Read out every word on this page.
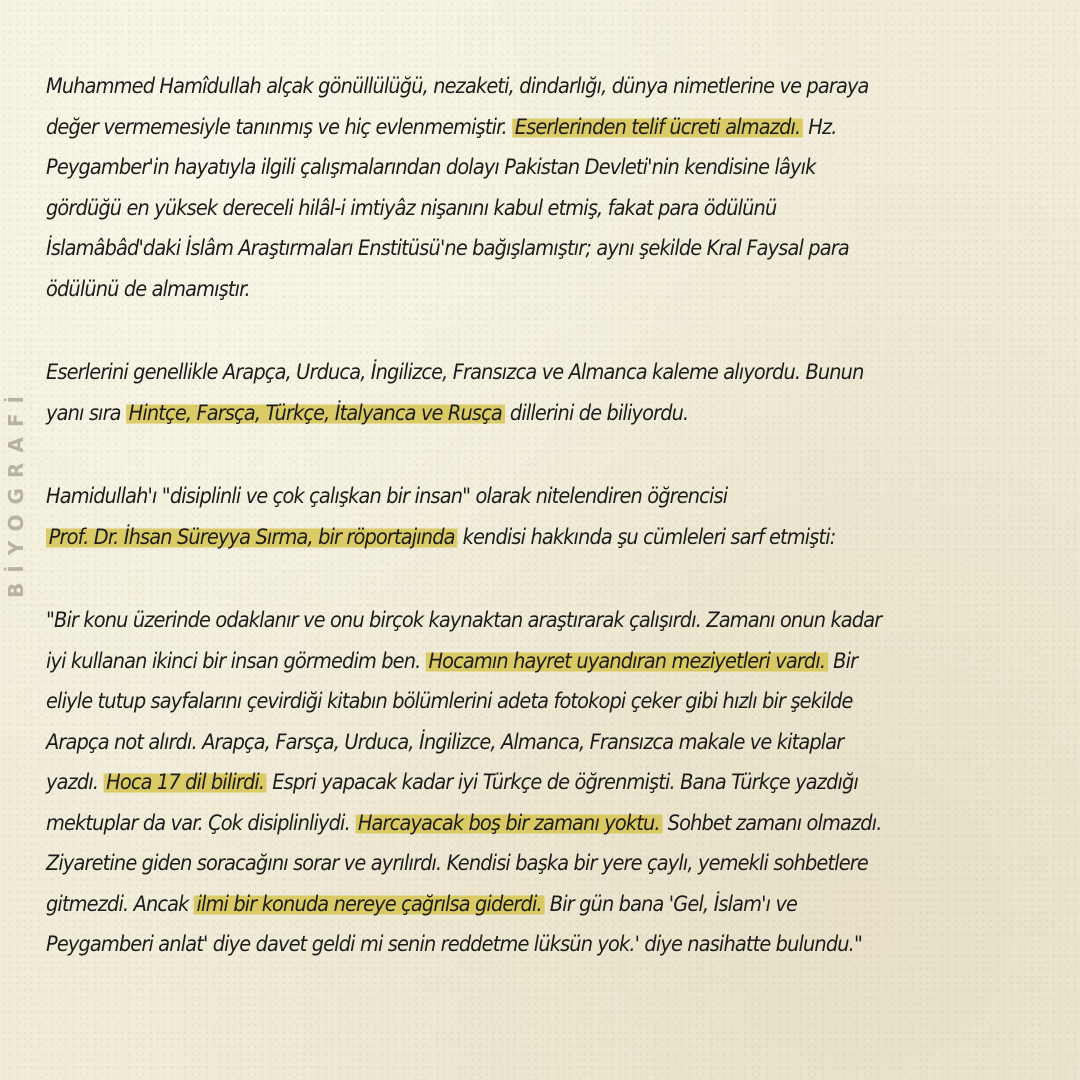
BİYOGRAFİ
Muhammed Hamîdullah alçak gönüllülüğü, nezaketi, dindarlığı, dünya nimetlerine ve paraya
değer vermemesiyle tanınmış ve hiç evlenmemiştir. Eserlerinden telif ücreti almazdı. Hz.
Peygamber'in hayatıyla ilgili çalışmalarından dolayı Pakistan Devleti'nin kendisine lâyık
gördüğü en yüksek dereceli hilâl-i imtiyâz nişanını kabul etmiş, fakat para ödülünü
İslamâbâd'daki İslâm Araştırmaları Enstitüsü'ne bağışlamıştır; aynı şekilde Kral Faysal para
ödülünü de almamıştır.
Eserlerini genellikle Arapça, Urduca, İngilizce, Fransızca ve Almanca kaleme alıyordu. Bunun
yanı sıra Hintçe, Farsça, Türkçe, İtalyanca ve Rusça dillerini de biliyordu.
Hamidullah'ı "disiplinli ve çok çalışkan bir insan" olarak nitelendiren öğrencisi
Prof. Dr. İhsan Süreyya Sırma, bir röportajında kendisi hakkında şu cümleleri sarf etmişti:
"Bir konu üzerinde odaklanır ve onu birçok kaynaktan araştırarak çalışırdı. Zamanı onun kadar
iyi kullanan ikinci bir insan görmedim ben. Hocamın hayret uyandıran meziyetleri vardı. Bir
eliyle tutup sayfalarını çevirdiği kitabın bölümlerini adeta fotokopi çeker gibi hızlı bir şekilde
Arapça not alırdı. Arapça, Farsça, Urduca, İngilizce, Almanca, Fransızca makale ve kitaplar
yazdı. Hoca 17 dil bilirdi. Espri yapacak kadar iyi Türkçe de öğrenmişti. Bana Türkçe yazdığı
mektuplar da var. Çok disiplinliydi. Harcayacak boş bir zamanı yoktu. Sohbet zamanı olmazdı.
Ziyaretine giden soracağını sorar ve ayrılırdı. Kendisi başka bir yere çaylı, yemekli sohbetlere
gitmezdi. Ancak ilmi bir konuda nereye çağrılsa giderdi. Bir gün bana 'Gel, İslam'ı ve
Peygamberi anlat' diye davet geldi mi senin reddetme lüksün yok.' diye nasihatte bulundu."
